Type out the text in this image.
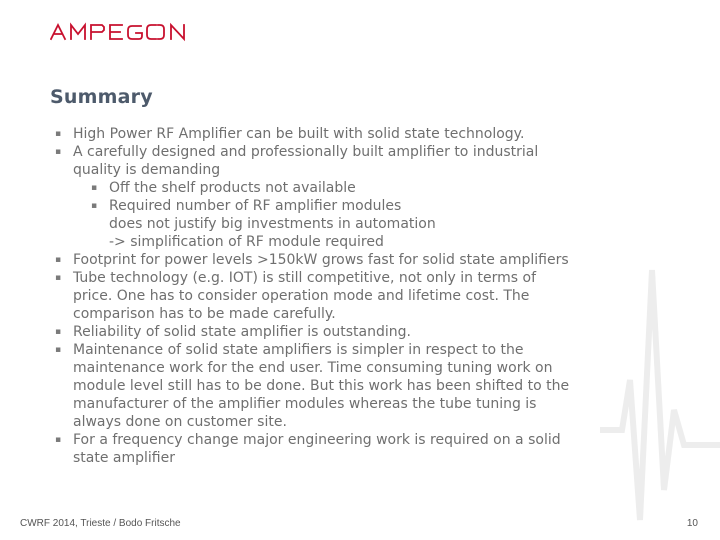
Summary
▪ High Power RF Amplifier can be built with solid state technology.
▪ A carefully designed and professionally built amplifier to industrial
quality is demanding
▪ Off the shelf products not available
▪ Required number of RF amplifier modules
does not justify big investments in automation
-> simplification of RF module required
▪ Footprint for power levels >150kW grows fast for solid state amplifiers
▪ Tube technology (e.g. IOT) is still competitive, not only in terms of
price. One has to consider operation mode and lifetime cost. The
comparison has to be made carefully.
▪ Reliability of solid state amplifier is outstanding.
▪ Maintenance of solid state amplifiers is simpler in respect to the
maintenance work for the end user. Time consuming tuning work on
module level still has to be done. But this work has been shifted to the
manufacturer of the amplifier modules whereas the tube tuning is
always done on customer site.
▪ For a frequency change major engineering work is required on a solid
state amplifier
CWRF 2014, Trieste / Bodo Fritsche	10
